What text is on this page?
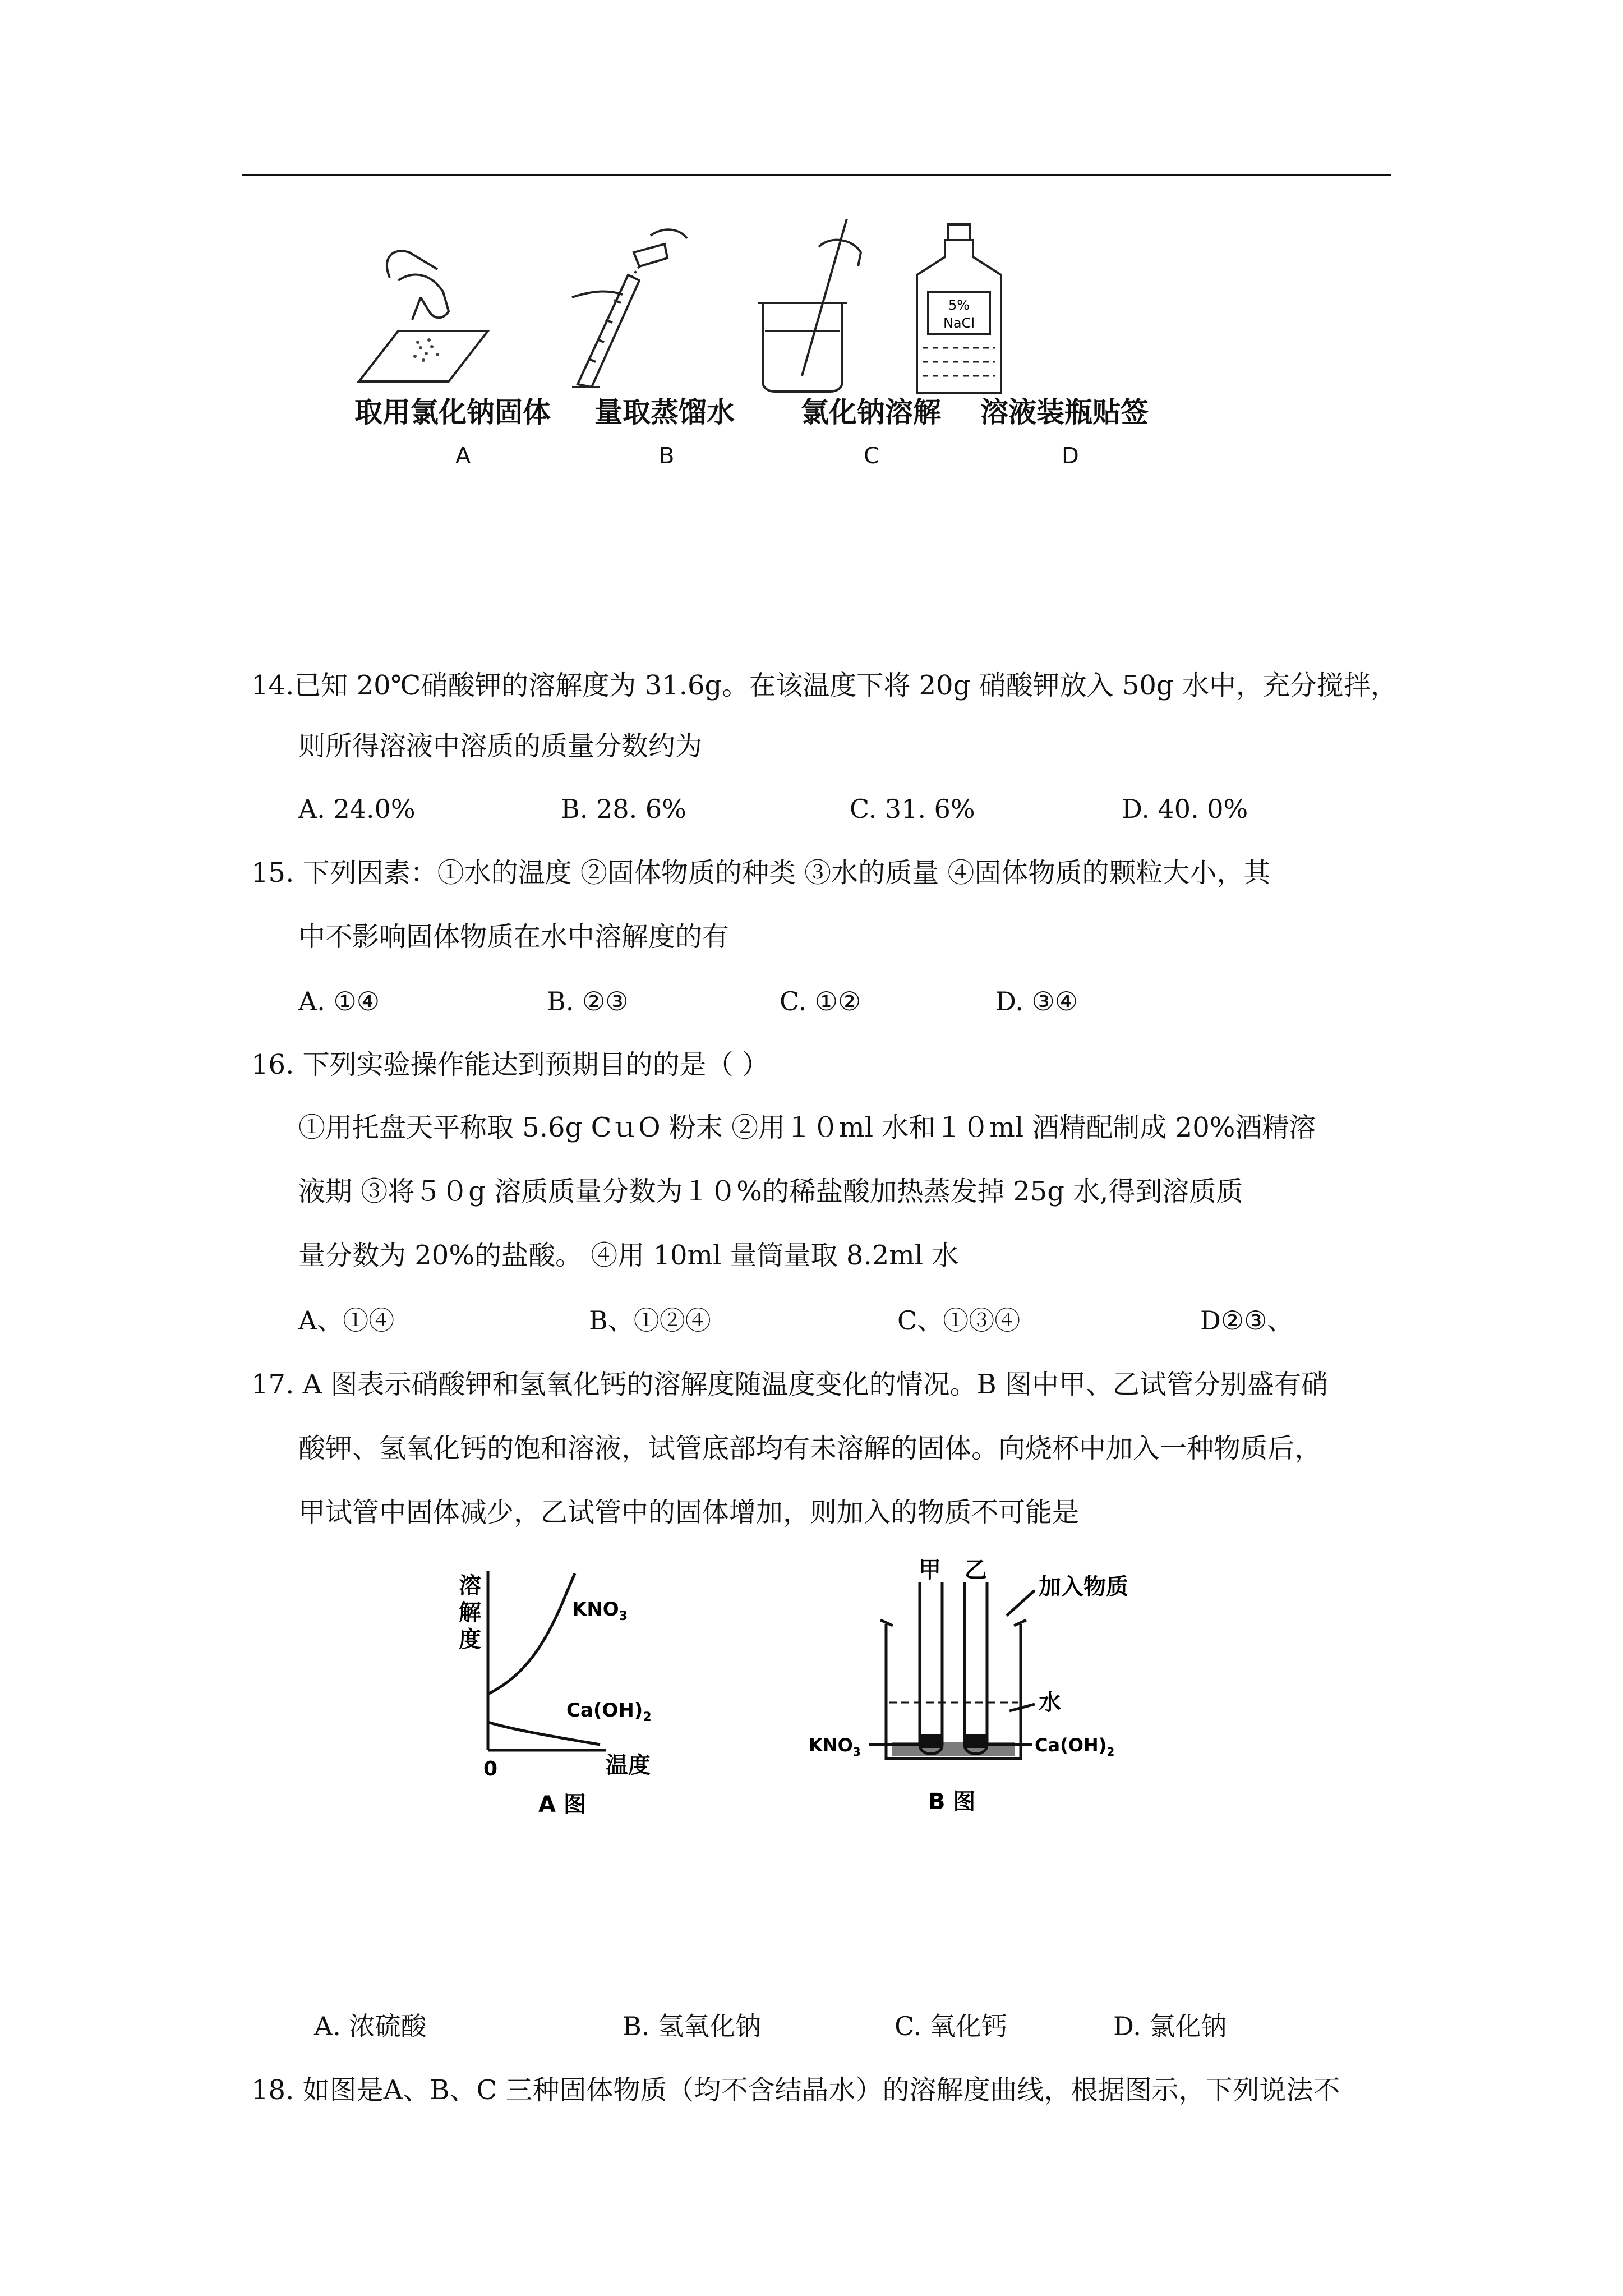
5%
NaCl
取用氯化钠固体 量取蒸馏水 氯化钠溶解 溶液装瓶贴签
A	B	C	D
14.已知 20℃硝酸钾的溶解度为 31.6g。在该温度下将 20g 硝酸钾放入 50g 水中，充分搅拌，
则所得溶液中溶质的质量分数约为
A. 24.0%	B. 28. 6%	C. 31. 6%	D. 40. 0%
15. 下列因素：①水的温度 ②固体物质的种类 ③水的质量 ④固体物质的颗粒大小，其
中不影响固体物质在水中溶解度的有
A. ①④	B. ②③	C. ①②	D. ③④
16. 下列实验操作能达到预期目的的是（ ）
①用托盘天平称取 5.6g CｕO 粉末 ②用１０ml 水和１０ml 酒精配制成 20%酒精溶
液期 ③将５０g 溶质质量分数为１０%的稀盐酸加热蒸发掉 25g 水,得到溶质质
量分数为 20%的盐酸。 ④用 10ml 量筒量取 8.2ml 水
A、①④	B、①②④	C、①③④	D②③、
17. A 图表示硝酸钾和氢氧化钙的溶解度随温度变化的情况。B 图中甲、乙试管分别盛有硝
酸钾、氢氧化钙的饱和溶液，试管底部均有未溶解的固体。向烧杯中加入一种物质后，
甲试管中固体减少，乙试管中的固体增加，则加入的物质不可能是
溶
解
度
$KNO_3$
$Ca(OH)_2$
0	温度
A 图
甲 乙
加入物质
水
$KNO_3$	$Ca(OH)_2$
B 图
A. 浓硫酸	B. 氢氧化钠	C. 氧化钙	D. 氯化钠
18. 如图是A、B、C 三种固体物质（均不含结晶水）的溶解度曲线，根据图示，下列说法不
